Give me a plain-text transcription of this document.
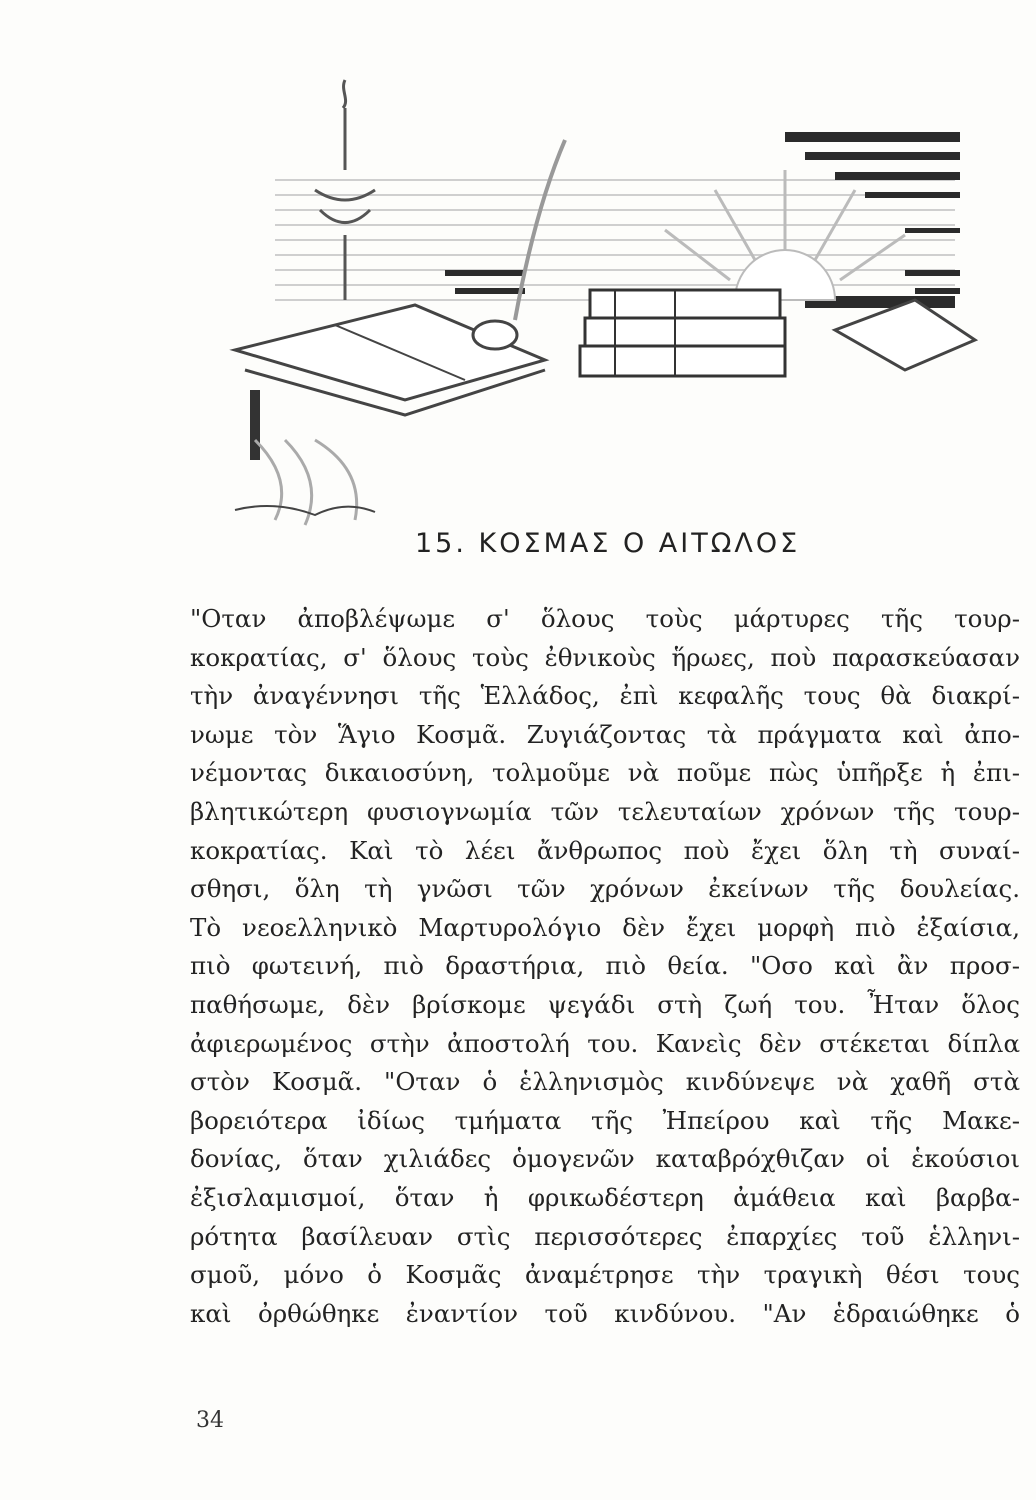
15. ΚΟΣΜΑΣ Ο ΑΙΤΩΛΟΣ
"Οταν ἀποβλέψωμε σ' ὅλους τοὺς μάρτυρες τῆς τουρ-
κοκρατίας, σ' ὅλους τοὺς ἐθνικοὺς ἥρωες, ποὺ παρασκεύασαν
τὴν ἀναγέννησι τῆς Ἑλλάδος, ἐπὶ κεφαλῆς τους θὰ διακρί-
νωμε τὸν Ἅγιο Κοσμᾶ. Ζυγιάζοντας τὰ πράγματα καὶ ἀπο-
νέμοντας δικαιοσύνη, τολμοῦμε νὰ ποῦμε πὼς ὑπῆρξε ἡ ἐπι-
βλητικώτερη φυσιογνωμία τῶν τελευταίων χρόνων τῆς τουρ-
κοκρατίας. Καὶ τὸ λέει ἄνθρωπος ποὺ ἔχει ὅλη τὴ συναί-
σθησι, ὅλη τὴ γνῶσι τῶν χρόνων ἐκείνων τῆς δουλείας.
Τὸ νεοελληνικὸ Μαρτυρολόγιο δὲν ἔχει μορφὴ πιὸ ἐξαίσια,
πιὸ φωτεινή, πιὸ δραστήρια, πιὸ θεία. "Οσο καὶ ἂν προσ-
παθήσωμε, δὲν βρίσκομε ψεγάδι στὴ ζωή του. Ἦταν ὅλος
ἀφιερωμένος στὴν ἀποστολή του. Κανεὶς δὲν στέκεται δίπλα
στὸν Κοσμᾶ. "Οταν ὁ ἑλληνισμὸς κινδύνεψε νὰ χαθῆ στὰ
βορειότερα ἰδίως τμήματα τῆς Ἠπείρου καὶ τῆς Μακε-
δονίας, ὅταν χιλιάδες ὁμογενῶν καταβρόχθιζαν οἱ ἑκούσιοι
ἐξισλαμισμοί, ὅταν ἡ φρικωδέστερη ἀμάθεια καὶ βαρβα-
ρότητα βασίλευαν στὶς περισσότερες ἐπαρχίες τοῦ ἑλληνι-
σμοῦ, μόνο ὁ Κοσμᾶς ἀναμέτρησε τὴν τραγικὴ θέσι τους
καὶ ὀρθώθηκε ἐναντίον τοῦ κινδύνου. "Αν ἑδραιώθηκε ὁ
34
